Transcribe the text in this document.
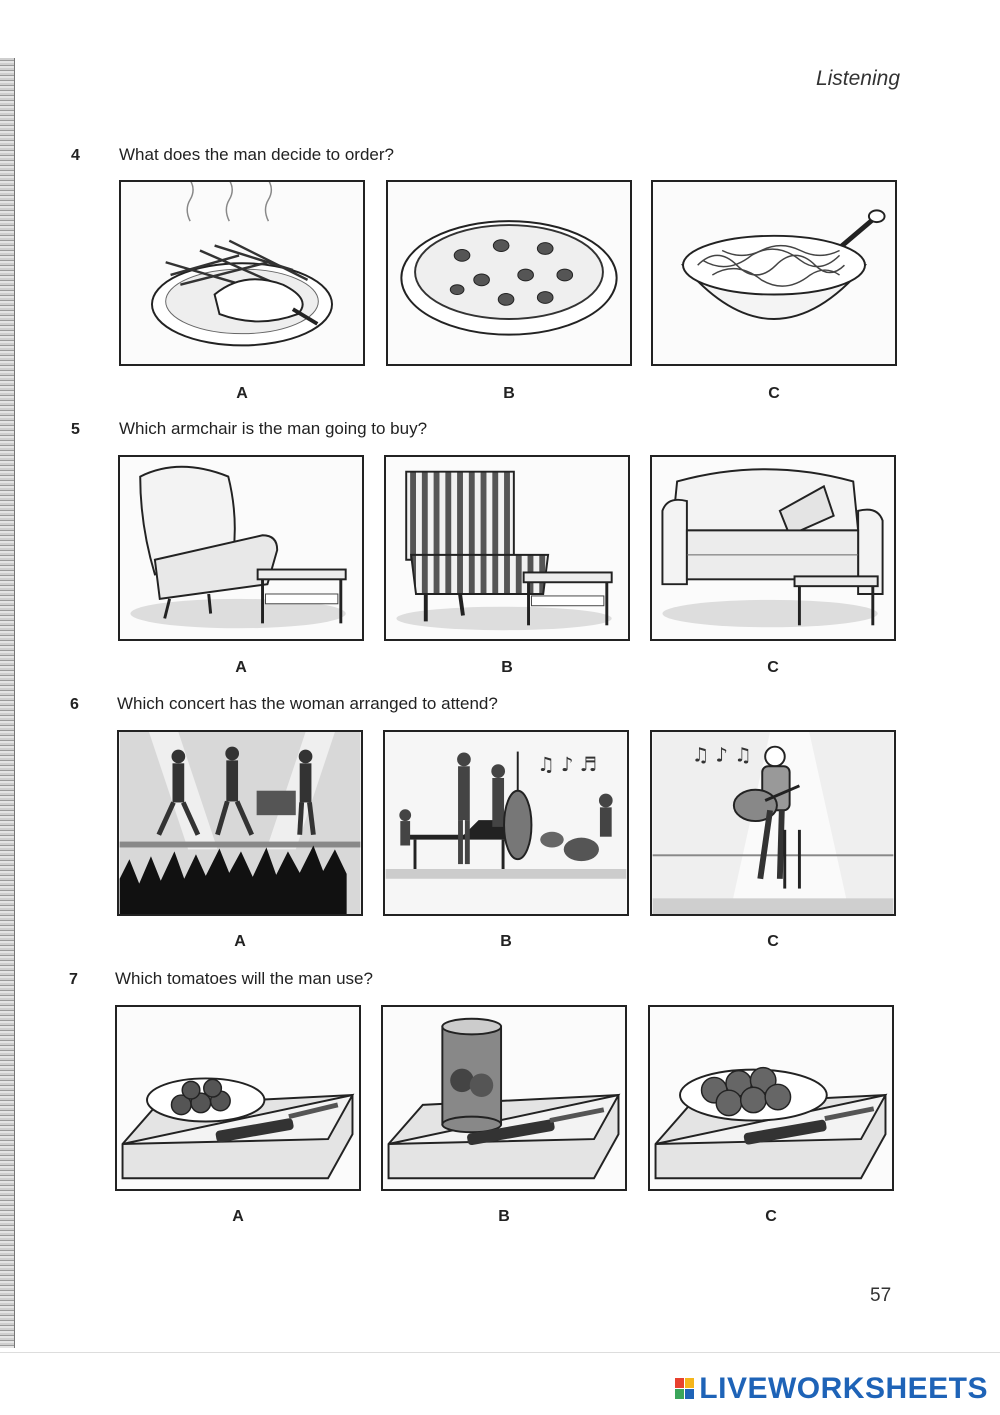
Listening
4 What does the man decide to order?
A	B	C
5 Which armchair is the man going to buy?
A	B	C
6 Which concert has the woman arranged to attend?
♫ ♪ ♬	♫ ♪ ♫
A	B	C
7 Which tomatoes will the man use?
A	B	C
57
LIVEWORKSHEETS
